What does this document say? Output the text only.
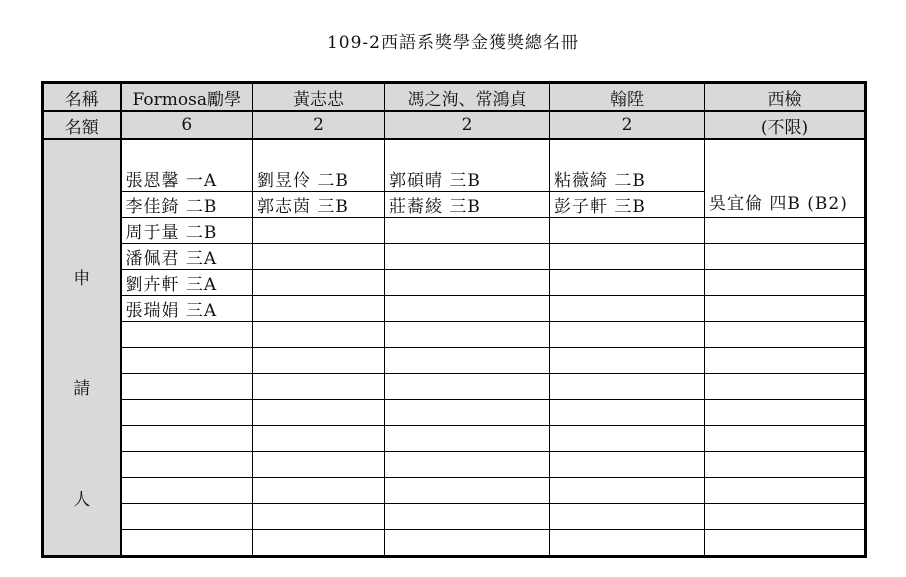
109-2西語系獎學金獲獎總名冊
名稱	Formosa勵學	黃志忠	馮之洵、常鴻貞	翰陞	西檢
名額	6	2	2	2	(不限)

申
請
人	張恩馨 一A	劉昱伶 二B	郭碩晴 三B	粘薇綺 二B	吳宜倫 四B (B2)
	李佳錡 二B	郭志茵 三B	莊蕎綾 三B	彭子軒 三B	
	周于量 二B				
	潘佩君 三A				
	劉卉軒 三A				
	張瑞娟 三A				
